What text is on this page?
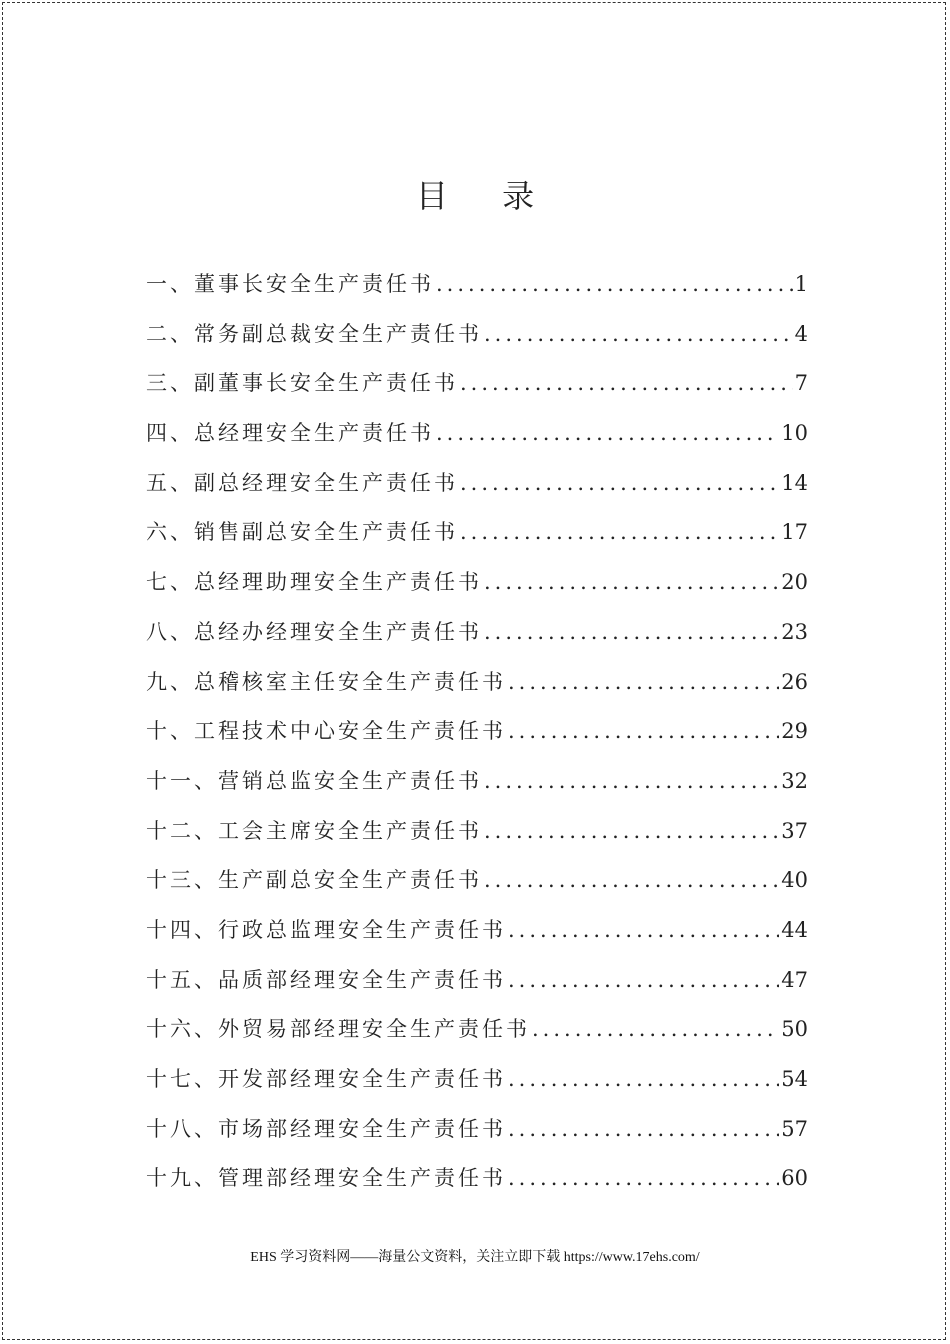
目 录
一、董事长安全生产责任书 .....	1
二、常务副总裁安全生产责任书 .....	4
三、副董事长安全生产责任书 .....	7
四、总经理安全生产责任书 .....	10
五、副总经理安全生产责任书 .....	14
六、销售副总安全生产责任书 .....	17
七、总经理助理安全生产责任书 .....	20
八、总经办经理安全生产责任书 .....	23
九、总稽核室主任安全生产责任书 .....	26
十、工程技术中心安全生产责任书 .....	29
十一、营销总监安全生产责任书 .....	32
十二、工会主席安全生产责任书 .....	37
十三、生产副总安全生产责任书 .....	40
十四、行政总监理安全生产责任书 .....	44
十五、品质部经理安全生产责任书 .....	47
十六、外贸易部经理安全生产责任书 .....	50
十七、开发部经理安全生产责任书 .....	54
十八、市场部经理安全生产责任书 .....	57
十九、管理部经理安全生产责任书 .....	60
EHS 学习资料网——海量公文资料，关注立即下载 https://www.17ehs.com/
